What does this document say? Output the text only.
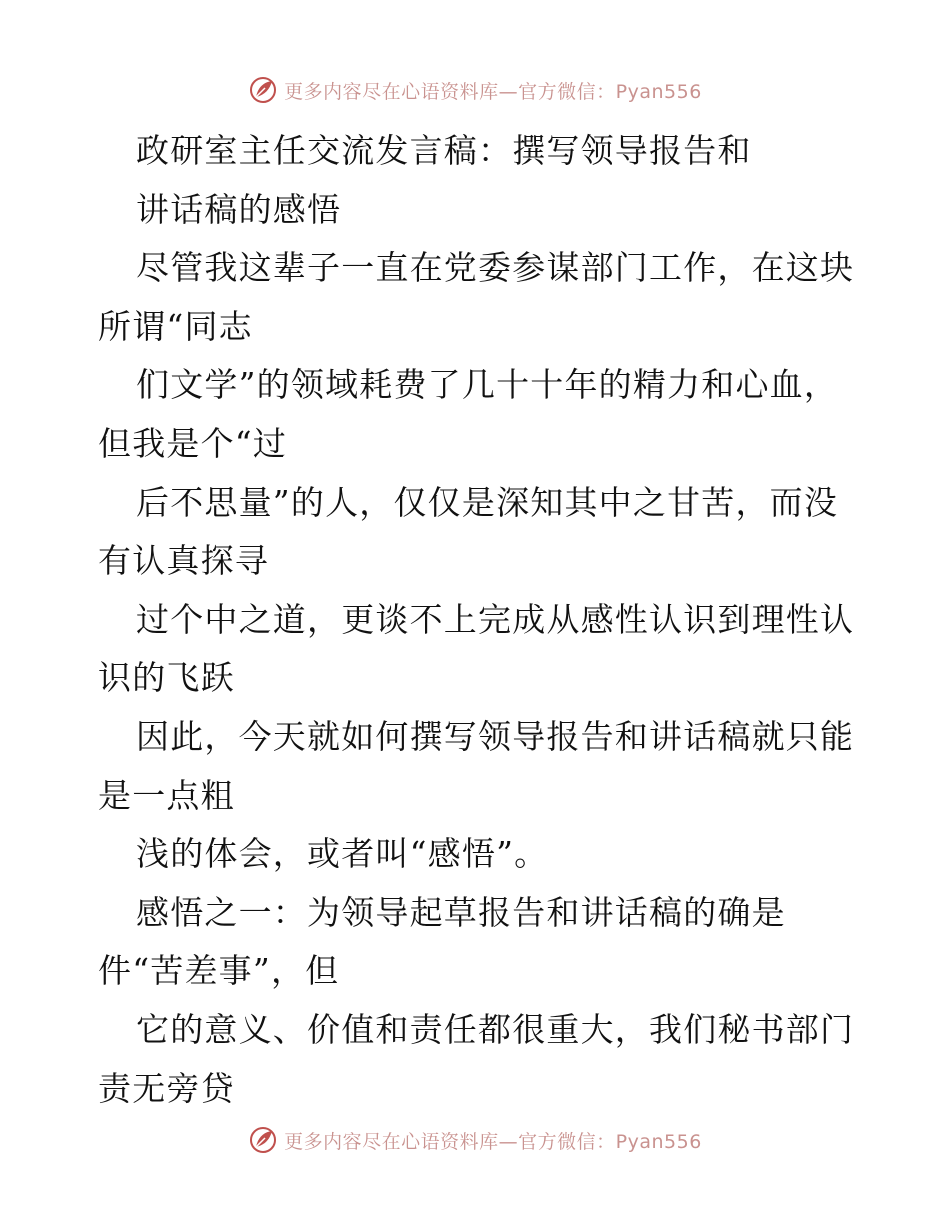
更多内容尽在心语资料库—官方微信：Pyan556
政研室主任交流发言稿：撰写领导报告和
讲话稿的感悟
尽管我这辈子一直在党委参谋部门工作，在这块
所谓“同志
们文学”的领域耗费了几十十年的精力和心血，
但我是个“过
后不思量”的人，仅仅是深知其中之甘苦，而没
有认真探寻
过个中之道，更谈不上完成从感性认识到理性认
识的飞跃
因此，今天就如何撰写领导报告和讲话稿就只能
是一点粗
浅的体会，或者叫“感悟”。
感悟之一：为领导起草报告和讲话稿的确是
件“苦差事”，但
它的意义、价值和责任都很重大，我们秘书部门
责无旁贷
更多内容尽在心语资料库—官方微信：Pyan556
